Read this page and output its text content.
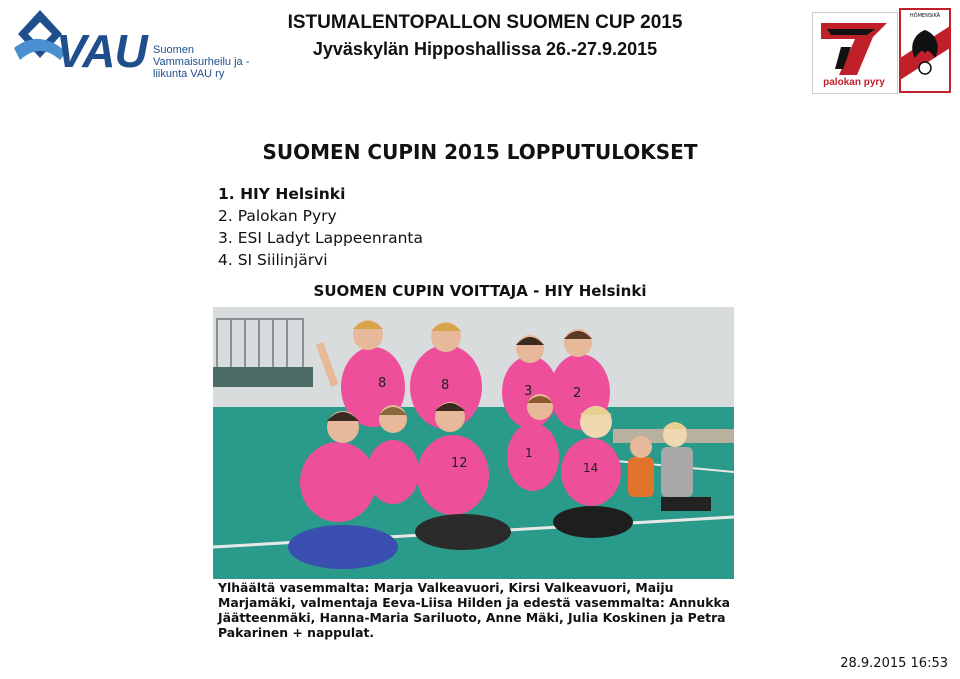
VAU Suomen Vammaisurheilu ja -liikunta VAU ry
ISTUMALENTOPALLON SUOMEN CUP 2015
Jyväskylän Hipposhallissa 26.-27.9.2015
palokan pyry
HÖMENSIKÄ
SUOMEN CUPIN 2015 LOPPUTULOKSET
1. HIY Helsinki
2. Palokan Pyry
3. ESI Ladyt Lappeenranta
4. SI Siilinjärvi
SUOMEN CUPIN VOITTAJA - HIY Helsinki
8	8	3	2
12
1
14
Ylhäältä vasemmalta: Marja Valkeavuori, Kirsi Valkeavuori, Maiju Marjamäki, valmentaja Eeva-Liisa Hilden ja edestä vasemmalta: Annukka Jäätteenmäki, Hanna-Maria Sariluoto, Anne Mäki, Julia Koskinen ja Petra Pakarinen + nappulat.
28.9.2015 16:53
